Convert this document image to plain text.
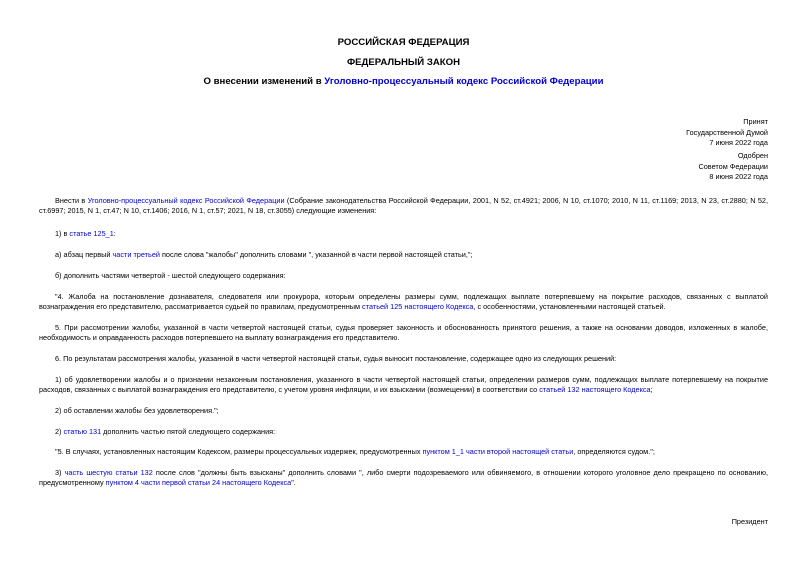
РОССИЙСКАЯ ФЕДЕРАЦИЯ
ФЕДЕРАЛЬНЫЙ ЗАКОН
О внесении изменений в Уголовно-процессуальный кодекс Российской Федерации
Принят
Государственной Думой
7 июня 2022 года
Одобрен
Советом Федерации
8 июня 2022 года

Внести в Уголовно-процессуальный кодекс Российской Федерации (Собрание законодательства Российской Федерации, 2001, N 52, ст.4921; 2006, N 10, ст.1070; 2010, N 11, ст.1169; 2013, N 23, ст.2880; N 52, ст.6997; 2015, N 1, ст.47; N 10, ст.1406; 2016, N 1, ст.57; 2021, N 18, ст.3055) следующие изменения:

1) в статье 125_1:

а) абзац первый части третьей после слова "жалобы" дополнить словами ", указанной в части первой настоящей статьи,";

б) дополнить частями четвертой - шестой следующего содержания:

"4. Жалоба на постановление дознавателя, следователя или прокурора, которым определены размеры сумм, подлежащих выплате потерпевшему на покрытие расходов, связанных с выплатой вознаграждения его представителю, рассматривается судьей по правилам, предусмотренным статьей 125 настоящего Кодекса, с особенностями, установленными настоящей статьей.

5. При рассмотрении жалобы, указанной в части четвертой настоящей статьи, судья проверяет законность и обоснованность принятого решения, а также на основании доводов, изложенных в жалобе, необходимость и оправданность расходов потерпевшего на выплату вознаграждения его представителю.

6. По результатам рассмотрения жалобы, указанной в части четвертой настоящей статьи, судья выносит постановление, содержащее одно из следующих решений:

1) об удовлетворении жалобы и о признании незаконным постановления, указанного в части четвертой настоящей статьи, определении размеров сумм, подлежащих выплате потерпевшему на покрытие расходов, связанных с выплатой вознаграждения его представителю, с учетом уровня инфляции, и их взыскании (возмещении) в соответствии со статьей 132 настоящего Кодекса;

2) об оставлении жалобы без удовлетворения.";

2) статью 131 дополнить частью пятой следующего содержания:

"5. В случаях, установленных настоящим Кодексом, размеры процессуальных издержек, предусмотренных пунктом 1_1 части второй настоящей статьи, определяются судом.";

3) часть шестую статьи 132 после слов "должны быть взысканы" дополнить словами ", либо смерти подозреваемого или обвиняемого, в отношении которого уголовное дело прекращено по основанию, предусмотренному пунктом 4 части первой статьи 24 настоящего Кодекса".

Президент
